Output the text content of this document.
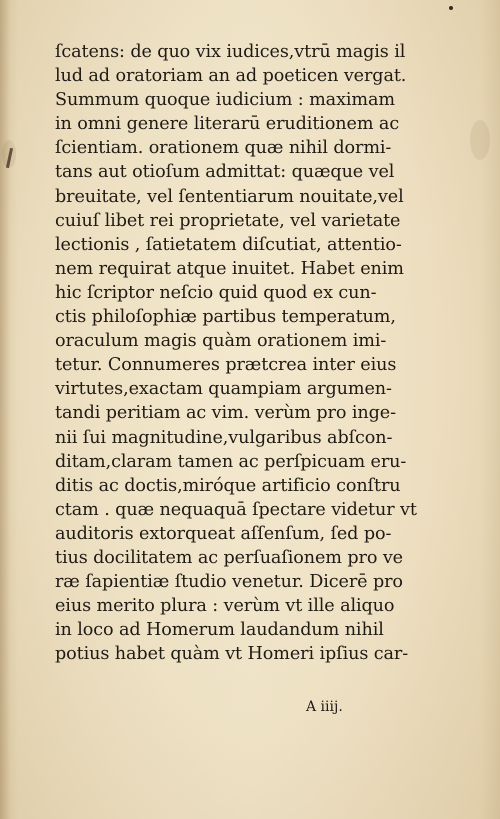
ſcatens: de quo vix iudices,vtrū magis il
lud ad oratoriam an ad poeticen vergat.
Summum quoque iudicium : maximam
in omni genere literarū eruditionem ac
ſcientiam. orationem quæ nihil dormi-
tans aut otioſum admittat: quæque vel
breuitate, vel ſententiarum nouitate,vel
cuiuſ libet rei proprietate, vel varietate
lectionis , ſatietatem diſcutiat, attentio-
nem requirat atque inuitet. Habet enim
hic ſcriptor neſcio quid quod ex cun-
ctis philoſophiæ partibus temperatum,
oraculum magis quàm orationem imi-
tetur. Connumeres prætcrea inter eius
virtutes,exactam quampiam argumen-
tandi peritiam ac vim. verùm pro inge-
nii ſui magnitudine,vulgaribus abſcon-
ditam,claram tamen ac perſpicuam eru-
ditis ac doctis,miróque artificio conſtru
ctam . quæ nequaquā ſpectare videtur vt
auditoris extorqueat aſſenſum, ſed po-
tius docilitatem ac perſuaſionem pro ve
ræ ſapientiæ ſtudio venetur. Dicerē pro
eius merito plura : verùm vt ille aliquo
in loco ad Homerum laudandum nihil
potius habet quàm vt Homeri ipſius car-
A iiij.
